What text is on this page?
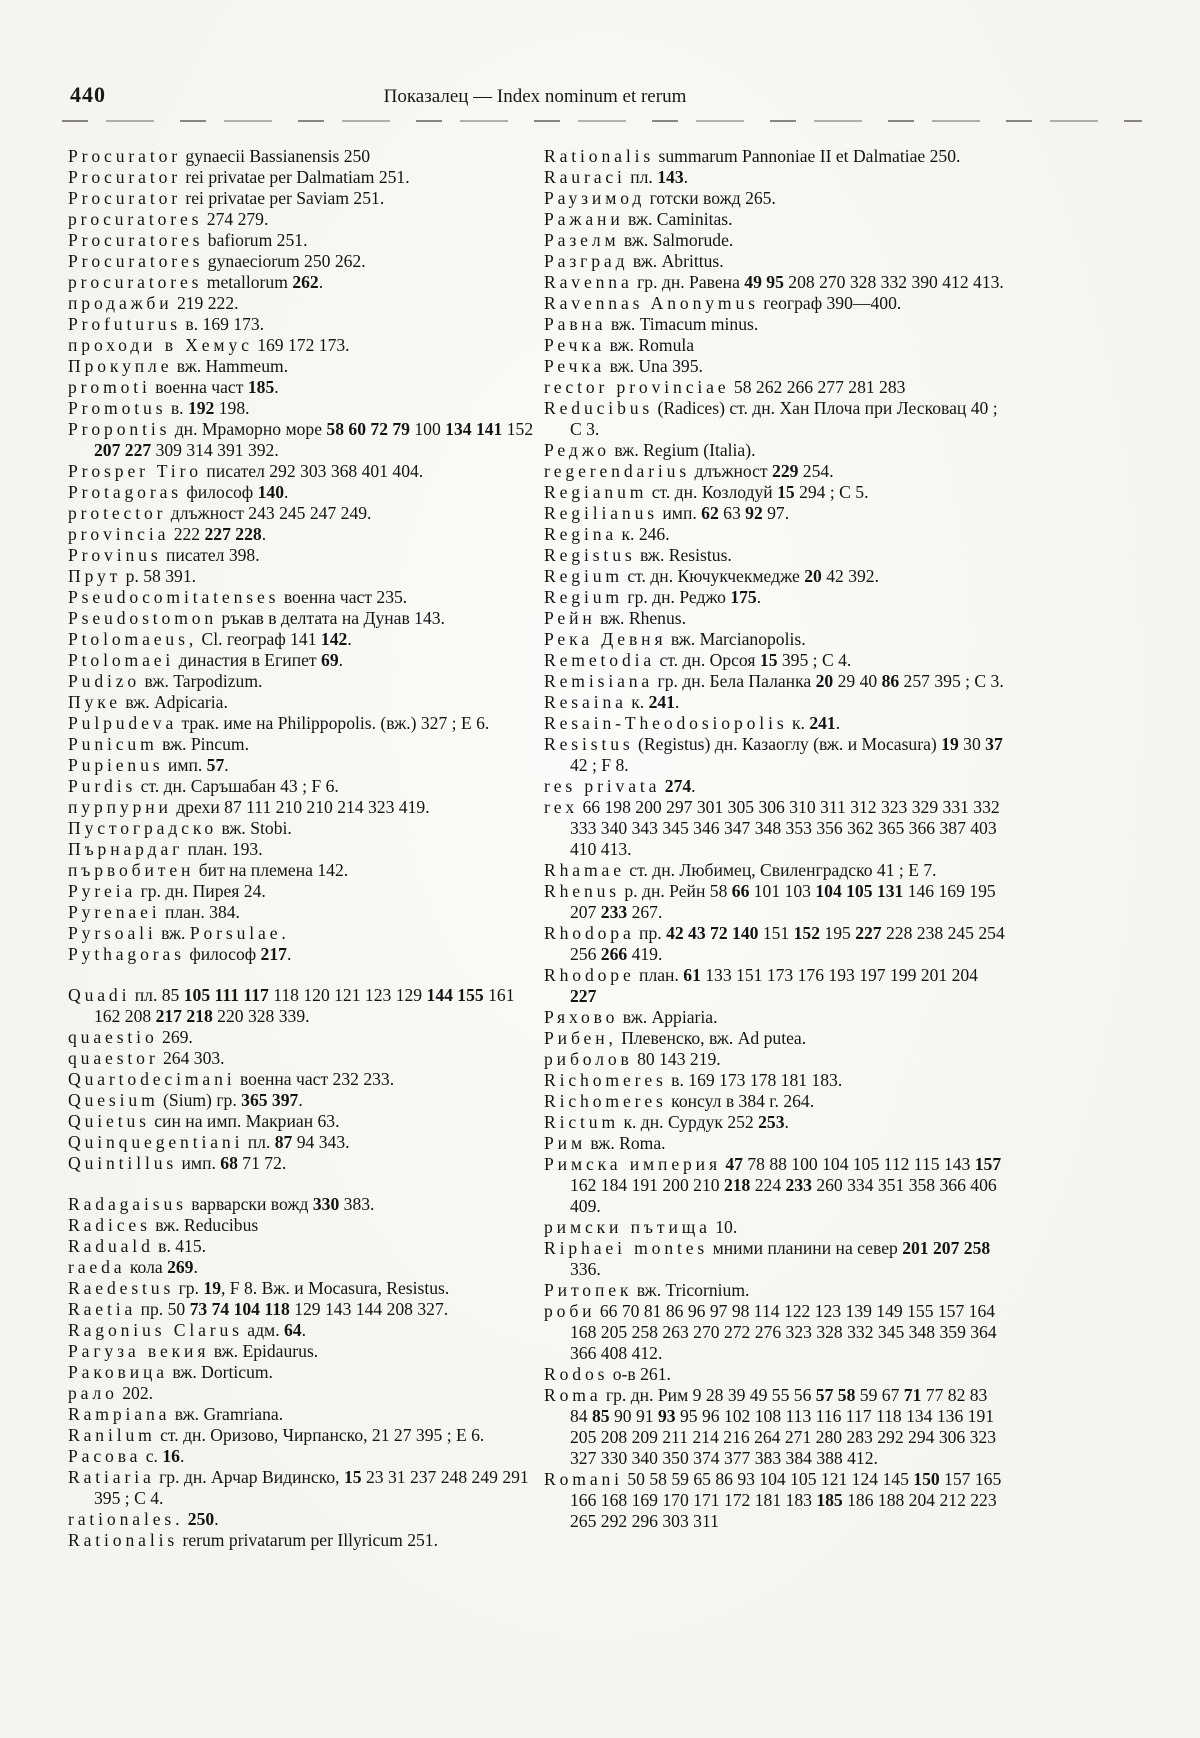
440	Показалец — Index nominum et rerum
Procurator gynaecii Bassianensis 250
Procurator rei privatae per Dalmatiam 251.
Procurator rei privatae per Saviam 251.
procuratores 274 279.
Procuratores bafiorum 251.
Procuratores gynaeciorum 250 262.
procuratores metallorum 262.
продажби 219 222.
Profuturus в. 169 173.
проходи в Хемус 169 172 173.
Прокупле вж. Hammeum.
promoti военна част 185.
Promotus в. 192 198.
Propontis дн. Мраморно море 58 60 72 79 100 134 141 152 207 227 309 314 391 392.
Prosper Tiro писател 292 303 368 401 404.
Protagoras философ 140.
protector длъжност 243 245 247 249.
provincia 222 227 228.
Provinus писател 398.
Прут р. 58 391.
Pseudocomitatenses военна част 235.
Pseudostomon ръкав в делтата на Дунав 143.
Ptolomaeus, Cl. географ 141 142.
Ptolomaei династия в Египет 69.
Pudizo вж. Tarpodizum.
Пуке вж. Adpicaria.
Pulpudeva трак. име на Philippopolis. (вж.) 327 ; E 6.
Punicum вж. Pincum.
Pupienus имп. 57.
Purdis ст. дн. Саръшабан 43 ; F 6.
пурпурни дрехи 87 111 210 210 214 323 419.
Пустоградско вж. Stobi.
Пърнардаг план. 193.
първобитен бит на племена 142.
Pyreia гр. дн. Пирея 24.
Pyrenaei план. 384.
Pyrsoali вж. Porsulae.
Pythagoras философ 217.
Quadi пл. 85 105 111 117 118 120 121 123 129 144 155 161 162 208 217 218 220 328 339.
quaestio 269.
quaestor 264 303.
Quartodecimani военна част 232 233.
Quesium (Sium) гр. 365 397.
Quietus син на имп. Макриан 63.
Quinquegentiani пл. 87 94 343.
Quintillus имп. 68 71 72.
Radagaisus варварски вожд 330 383.
Radices вж. Reducibus
Raduald в. 415.
raeda кола 269.
Raedestus гр. 19, F 8. Вж. и Mocasura, Resistus.
Raetia пр. 50 73 74 104 118 129 143 144 208 327.
Ragonius Clarus адм. 64.
Рагуза векия вж. Epidaurus.
Раковица вж. Dorticum.
рало 202.
Rampiana вж. Gramriana.
Ranilum ст. дн. Оризово, Чирпанско, 21 27 395 ; E 6.
Расова с. 16.
Ratiaria гр. дн. Арчар Видинско, 15 23 31 237 248 249 291 395 ; C 4.
rationales. 250.
Rationalis rerum privatarum per Illyricum 251.
Rationalis summarum Pannoniae II et Dalmatiae 250.
Rauraci пл. 143.
Раузимод готски вожд 265.
Ражани вж. Caminitas.
Разелм вж. Salmorude.
Разград вж. Abrittus.
Ravenna гр. дн. Равена 49 95 208 270 328 332 390 412 413.
Ravennas Anonymus географ 390—400.
Равна вж. Timacum minus.
Речка вж. Romula
Речка вж. Una 395.
rector provinciae 58 262 266 277 281 283
Reducibus (Radices) ст. дн. Хан Плоча при Лесковац 40 ; C 3.
Реджо вж. Regium (Italia).
regerendarius длъжност 229 254.
Regianum ст. дн. Козлодуй 15 294 ; C 5.
Regilianus имп. 62 63 92 97.
Regina к. 246.
Registus вж. Resistus.
Regium ст. дн. Кючукчекмедже 20 42 392.
Regium гр. дн. Реджо 175.
Рейн вж. Rhenus.
Река Девня вж. Marcianopolis.
Remetodia ст. дн. Орсоя 15 395 ; C 4.
Remisiana гр. дн. Бела Паланка 20 29 40 86 257 395 ; C 3.
Resaina к. 241.
Resain-Theodosiopolis к. 241.
Resistus (Registus) дн. Казаоглу (вж. и Mocasura) 19 30 37 42 ; F 8.
res privata 274.
rex 66 198 200 297 301 305 306 310 311 312 323 329 331 332 333 340 343 345 346 347 348 353 356 362 365 366 387 403 410 413.
Rhamae ст. дн. Любимец, Свиленградско 41 ; E 7.
Rhenus р. дн. Рейн 58 66 101 103 104 105 131 146 169 195 207 233 267.
Rhodopa пр. 42 43 72 140 151 152 195 227 228 238 245 254 256 266 419.
Rhodope план. 61 133 151 173 176 193 197 199 201 204 227
Ряхово вж. Appiaria.
Рибен, Плевенско, вж. Ad putea.
риболов 80 143 219.
Richomeres в. 169 173 178 181 183.
Richomeres консул в 384 г. 264.
Rictum к. дн. Сурдук 252 253.
Рим вж. Roma.
Римска империя 47 78 88 100 104 105 112 115 143 157 162 184 191 200 210 218 224 233 260 334 351 358 366 406 409.
римски пътища 10.
Riphaei montes мними планини на север 201 207 258 336.
Ритопек вж. Tricornium.
роби 66 70 81 86 96 97 98 114 122 123 139 149 155 157 164 168 205 258 263 270 272 276 323 328 332 345 348 359 364 366 408 412.
Rodos о-в 261.
Roma гр. дн. Рим 9 28 39 49 55 56 57 58 59 67 71 77 82 83 84 85 90 91 93 95 96 102 108 113 116 117 118 134 136 191 205 208 209 211 214 216 264 271 280 283 292 294 306 323 327 330 340 350 374 377 383 384 388 412.
Romani 50 58 59 65 86 93 104 105 121 124 145 150 157 165 166 168 169 170 171 172 181 183 185 186 188 204 212 223 265 292 296 303 311
